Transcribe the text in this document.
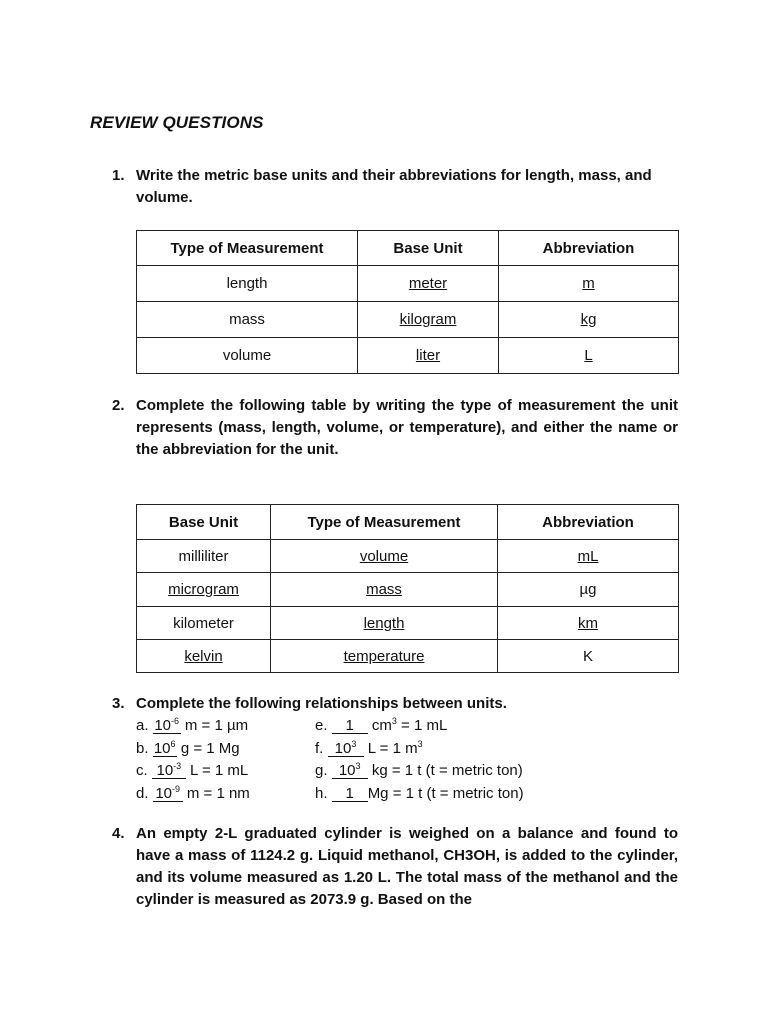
REVIEW QUESTIONS
1. Write the metric base units and their abbreviations for length, mass, and volume.
Type of Measurement	Base Unit	Abbreviation
length	meter	m
mass	kilogram	kg
volume	liter	L
2. Complete the following table by writing the type of measurement the unit represents (mass, length, volume, or temperature), and either the name or the abbreviation for the unit.
Base Unit	Type of Measurement	Abbreviation
milliliter	volume	mL
microgram	mass	µg
kilometer	length	km
kelvin	temperature	K
3. Complete the following relationships between units.
a. $10^{-6}$ m = 1 µm
b. $10^6$ g = 1 Mg
c. $10^{-3}$ L = 1 mL
d. $10^{-9}$ m = 1 nm
e. 1 $cm^3 = 1$ mL
f. $10^3$ L = 1 $m^3$
g. $10^3$ kg = 1 t (t = metric ton)
h. 1 Mg = 1 t (t = metric ton)
4. An empty 2-L graduated cylinder is weighed on a balance and found to have a mass of 1124.2 g. Liquid methanol, CH3OH, is added to the cylinder, and its volume measured as 1.20 L. The total mass of the methanol and the cylinder is measured as 2073.9 g. Based on the
